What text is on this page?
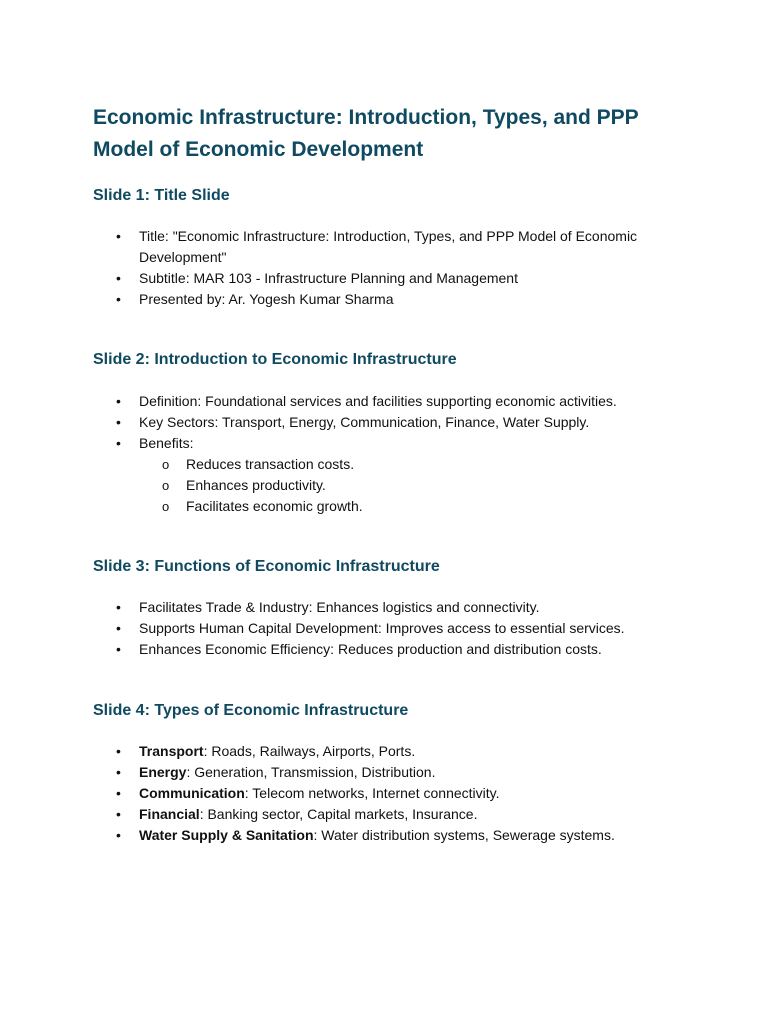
Economic Infrastructure: Introduction, Types, and PPP Model of Economic Development
Slide 1: Title Slide
• Title: "Economic Infrastructure: Introduction, Types, and PPP Model of Economic Development"
• Subtitle: MAR 103 - Infrastructure Planning and Management
• Presented by: Ar. Yogesh Kumar Sharma
Slide 2: Introduction to Economic Infrastructure
• Definition: Foundational services and facilities supporting economic activities.
• Key Sectors: Transport, Energy, Communication, Finance, Water Supply.
• Benefits:
o Reduces transaction costs.
o Enhances productivity.
o Facilitates economic growth.
Slide 3: Functions of Economic Infrastructure
• Facilitates Trade & Industry: Enhances logistics and connectivity.
• Supports Human Capital Development: Improves access to essential services.
• Enhances Economic Efficiency: Reduces production and distribution costs.
Slide 4: Types of Economic Infrastructure
• Transport: Roads, Railways, Airports, Ports.
• Energy: Generation, Transmission, Distribution.
• Communication: Telecom networks, Internet connectivity.
• Financial: Banking sector, Capital markets, Insurance.
• Water Supply & Sanitation: Water distribution systems, Sewerage systems.
